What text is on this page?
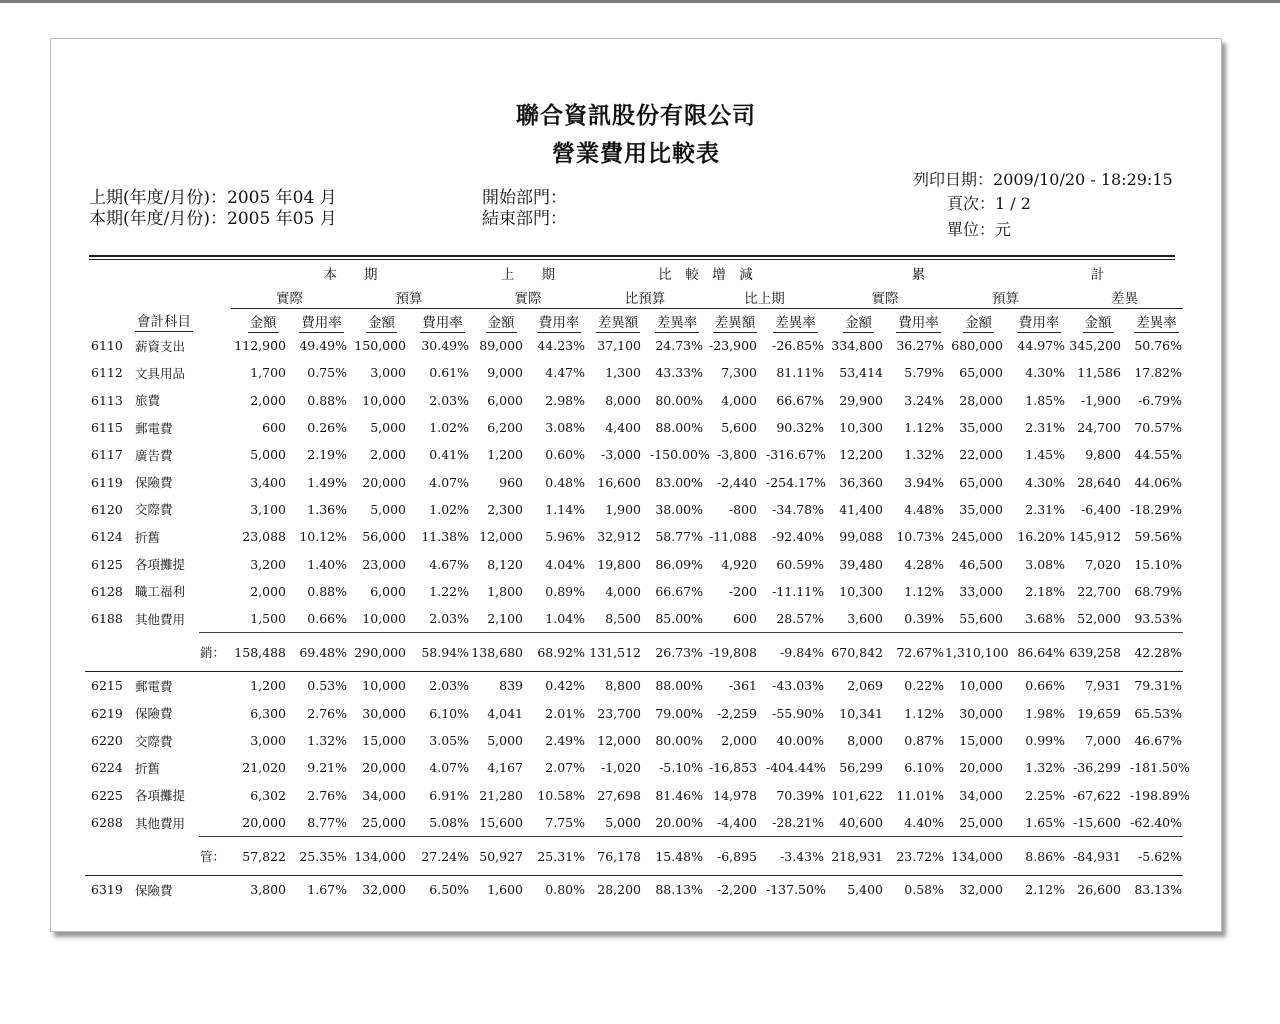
聯合資訊股份有限公司
營業費用比較表
上期(年度/月份)：2005 年04 月
本期(年度/月份)：2005 年05 月
開始部門：
結束部門：
列印日期：2009/10/20 - 18:29:15
頁次：1 / 2
單位：元
			本　　期				上　　期		比　較　增　減				累			計		
			實際		預算		實際		比預算		比上期		實際		預算		差異	
	會計科目		金額	費用率	金額	費用率	金額	費用率	差異額	差異率	差異額	差異率	金額	費用率	金額	費用率	金額	差異率
6110	薪資支出		112,900	49.49%	150,000	30.49%	89,000	44.23%	37,100	24.73%	-23,900	-26.85%	334,800	36.27%	680,000	44.97%	345,200	50.76%
6112	文具用品		1,700	0.75%	3,000	0.61%	9,000	4.47%	1,300	43.33%	7,300	81.11%	53,414	5.79%	65,000	4.30%	11,586	17.82%
6113	旅費		2,000	0.88%	10,000	2.03%	6,000	2.98%	8,000	80.00%	4,000	66.67%	29,900	3.24%	28,000	1.85%	-1,900	-6.79%
6115	郵電費		600	0.26%	5,000	1.02%	6,200	3.08%	4,400	88.00%	5,600	90.32%	10,300	1.12%	35,000	2.31%	24,700	70.57%
6117	廣告費		5,000	2.19%	2,000	0.41%	1,200	0.60%	-3,000	-150.00%	-3,800	-316.67%	12,200	1.32%	22,000	1.45%	9,800	44.55%
6119	保險費		3,400	1.49%	20,000	4.07%	960	0.48%	16,600	83.00%	-2,440	-254.17%	36,360	3.94%	65,000	4.30%	28,640	44.06%
6120	交際費		3,100	1.36%	5,000	1.02%	2,300	1.14%	1,900	38.00%	-800	-34.78%	41,400	4.48%	35,000	2.31%	-6,400	-18.29%
6124	折舊		23,088	10.12%	56,000	11.38%	12,000	5.96%	32,912	58.77%	-11,088	-92.40%	99,088	10.73%	245,000	16.20%	145,912	59.56%
6125	各項攤提		3,200	1.40%	23,000	4.67%	8,120	4.04%	19,800	86.09%	4,920	60.59%	39,480	4.28%	46,500	3.08%	7,020	15.10%
6128	職工福利		2,000	0.88%	6,000	1.22%	1,800	0.89%	4,000	66.67%	-200	-11.11%	10,300	1.12%	33,000	2.18%	22,700	68.79%
6188	其他費用		1,500	0.66%	10,000	2.03%	2,100	1.04%	8,500	85.00%	600	28.57%	3,600	0.39%	55,600	3.68%	52,000	93.53%
		銷：	158,488	69.48%	290,000	58.94%	138,680	68.92%	131,512	26.73%	-19,808	-9.84%	670,842	72.67%	1,310,100	86.64%	639,258	42.28%
6215	郵電費		1,200	0.53%	10,000	2.03%	839	0.42%	8,800	88.00%	-361	-43.03%	2,069	0.22%	10,000	0.66%	7,931	79.31%
6219	保險費		6,300	2.76%	30,000	6.10%	4,041	2.01%	23,700	79.00%	-2,259	-55.90%	10,341	1.12%	30,000	1.98%	19,659	65.53%
6220	交際費		3,000	1.32%	15,000	3.05%	5,000	2.49%	12,000	80.00%	2,000	40.00%	8,000	0.87%	15,000	0.99%	7,000	46.67%
6224	折舊		21,020	9.21%	20,000	4.07%	4,167	2.07%	-1,020	-5.10%	-16,853	-404.44%	56,299	6.10%	20,000	1.32%	-36,299	-181.50%
6225	各項攤提		6,302	2.76%	34,000	6.91%	21,280	10.58%	27,698	81.46%	14,978	70.39%	101,622	11.01%	34,000	2.25%	-67,622	-198.89%
6288	其他費用		20,000	8.77%	25,000	5.08%	15,600	7.75%	5,000	20.00%	-4,400	-28.21%	40,600	4.40%	25,000	1.65%	-15,600	-62.40%
		管：	57,822	25.35%	134,000	27.24%	50,927	25.31%	76,178	15.48%	-6,895	-3.43%	218,931	23.72%	134,000	8.86%	-84,931	-5.62%
6319	保險費		3,800	1.67%	32,000	6.50%	1,600	0.80%	28,200	88.13%	-2,200	-137.50%	5,400	0.58%	32,000	2.12%	26,600	83.13%
